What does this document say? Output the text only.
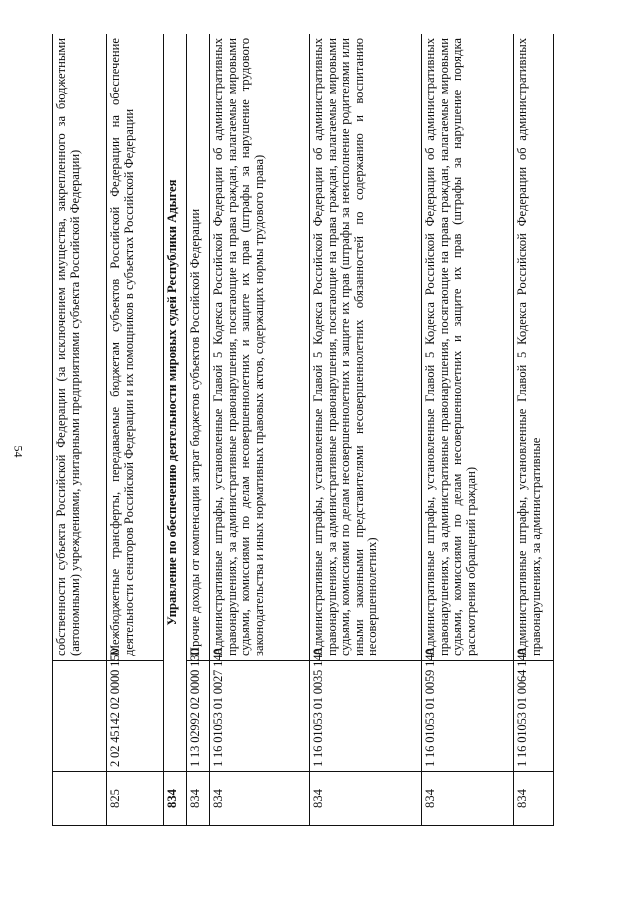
54
		собственности субъекта Российской Федерации (за исключением имущества, закрепленного за бюджетными (автономными) учреждениями, унитарными предприятиями субъекта Российской Федерации)
825	2 02 45142 02 0000 150	Межбюджетные трансферты, передаваемые бюджетам субъектов Российской Федерации на обеспечение деятельности сенаторов Российской Федерации и их помощников в субъектах Российской Федерации
834	Управление по обеспечению деятельности мировых судей Республики Адыгея	
834	1 13 02992 02 0000 130	Прочие доходы от компенсации затрат бюджетов субъектов Российской Федерации
834	1 16 01053 01 0027 140	Административные штрафы, установленные Главой 5 Кодекса Российской Федерации об административных правонарушениях, за административные правонарушения, посягающие на права граждан, налагаемые мировыми судьями, комиссиями по делам несовершеннолетних и защите их прав (штрафы за нарушение трудового законодательства и иных нормативных правовых актов, содержащих нормы трудового права)
834	1 16 01053 01 0035 140	Административные штрафы, установленные Главой 5 Кодекса Российской Федерации об административных правонарушениях, за административные правонарушения, посягающие на права граждан, налагаемые мировыми судьями, комиссиями по делам несовершеннолетних и защите их прав (штрафы за неисполнение родителями или иными законными представителями несовершеннолетних обязанностей по содержанию и воспитанию несовершеннолетних)
834	1 16 01053 01 0059 140	Административные штрафы, установленные Главой 5 Кодекса Российской Федерации об административных правонарушениях, за административные правонарушения, посягающие на права граждан, налагаемые мировыми судьями, комиссиями по делам несовершеннолетних и защите их прав (штрафы за нарушение порядка рассмотрения обращений граждан)
834	1 16 01053 01 0064 140	Административные штрафы, установленные Главой 5 Кодекса Российской Федерации об административных правонарушениях, за административные
